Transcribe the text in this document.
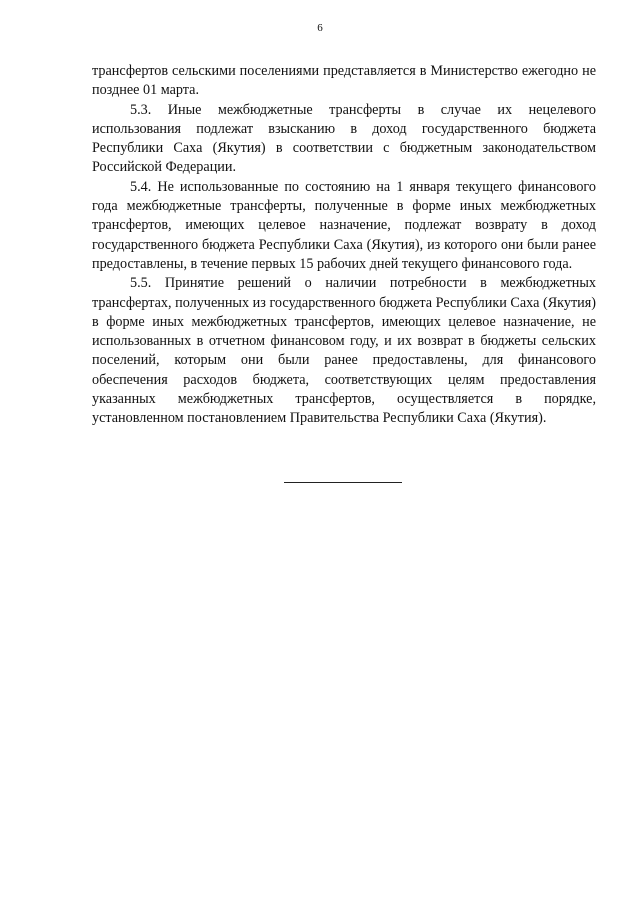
6

трансфертов сельскими поселениями представляется в Министерство ежегодно не позднее 01 марта.

5.3. Иные межбюджетные трансферты в случае их нецелевого использования подлежат взысканию в доход государственного бюджета Республики Саха (Якутия) в соответствии с бюджетным законодательством Российской Федерации.

5.4. Не использованные по состоянию на 1 января текущего финансового года межбюджетные трансферты, полученные в форме иных межбюджетных трансфертов, имеющих целевое назначение, подлежат возврату в доход государственного бюджета Республики Саха (Якутия), из которого они были ранее предоставлены, в течение первых 15 рабочих дней текущего финансового года.

5.5. Принятие решений о наличии потребности в межбюджетных трансфертах, полученных из государственного бюджета Республики Саха (Якутия) в форме иных межбюджетных трансфертов, имеющих целевое назначение, не использованных в отчетном финансовом году, и их возврат в бюджеты сельских поселений, которым они были ранее предоставлены, для финансового обеспечения расходов бюджета, соответствующих целям предоставления указанных межбюджетных трансфертов, осуществляется в порядке, установленном постановлением Правительства Республики Саха (Якутия).
